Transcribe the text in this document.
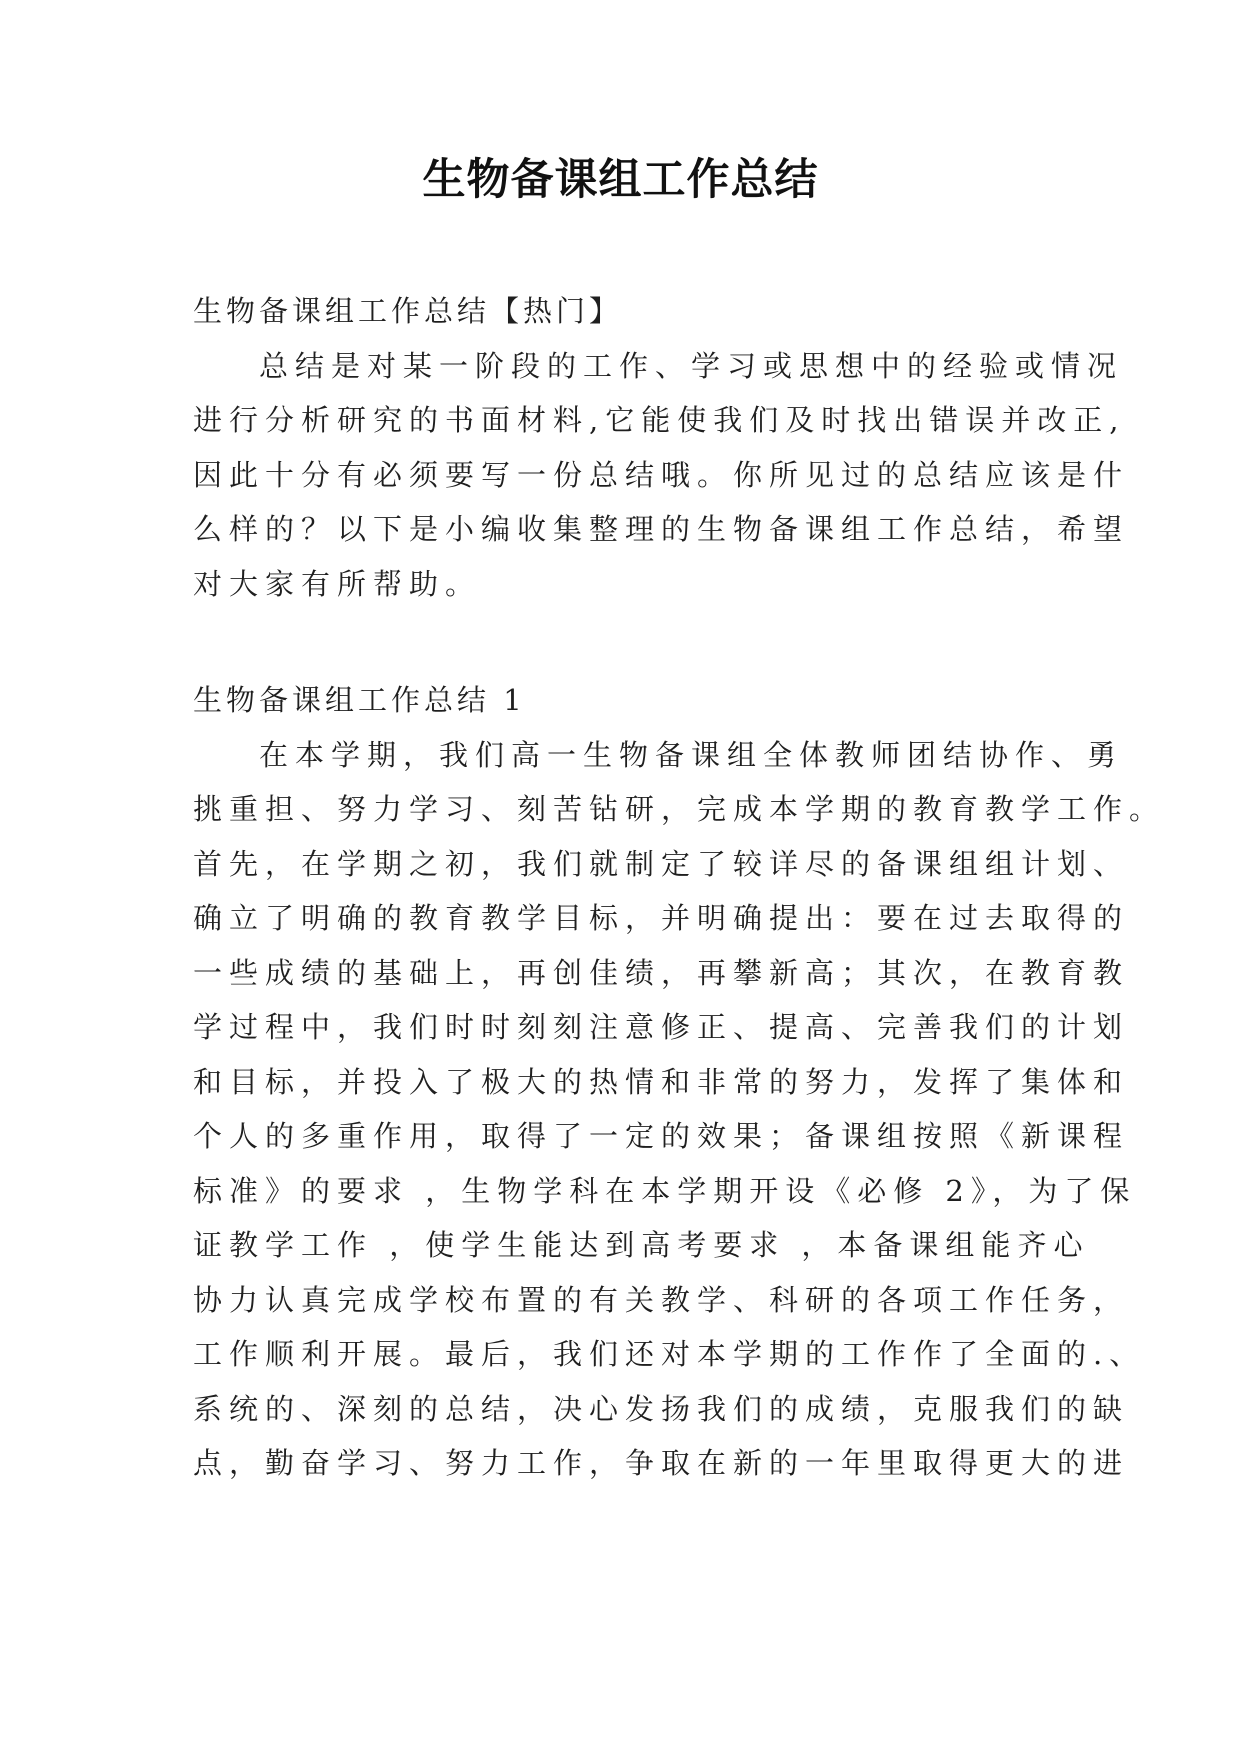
生物备课组工作总结
生物备课组工作总结【热门】
总结是对某一阶段的工作、学习或思想中的经验或情况
进行分析研究的书面材料,它能使我们及时找出错误并改正,
因此十分有必须要写一份总结哦。你所见过的总结应该是什
么样的？以下是小编收集整理的生物备课组工作总结，希望
对大家有所帮助。
生物备课组工作总结 1
在本学期，我们高一生物备课组全体教师团结协作、勇
挑重担、努力学习、刻苦钻研，完成本学期的教育教学工作。
首先，在学期之初，我们就制定了较详尽的备课组组计划、
确立了明确的教育教学目标，并明确提出：要在过去取得的
一些成绩的基础上，再创佳绩，再攀新高；其次，在教育教
学过程中，我们时时刻刻注意修正、提高、完善我们的计划
和目标，并投入了极大的热情和非常的努力，发挥了集体和
个人的多重作用，取得了一定的效果；备课组按照《新课程
标准》的要求 ，生物学科在本学期开设《必修 2》，为了保
证教学工作 ，使学生能达到高考要求 ，本备课组能齐心
协力认真完成学校布置的有关教学、科研的各项工作任务，
工作顺利开展。最后，我们还对本学期的工作作了全面的.、
系统的、深刻的总结，决心发扬我们的成绩，克服我们的缺
点，勤奋学习、努力工作，争取在新的一年里取得更大的进
